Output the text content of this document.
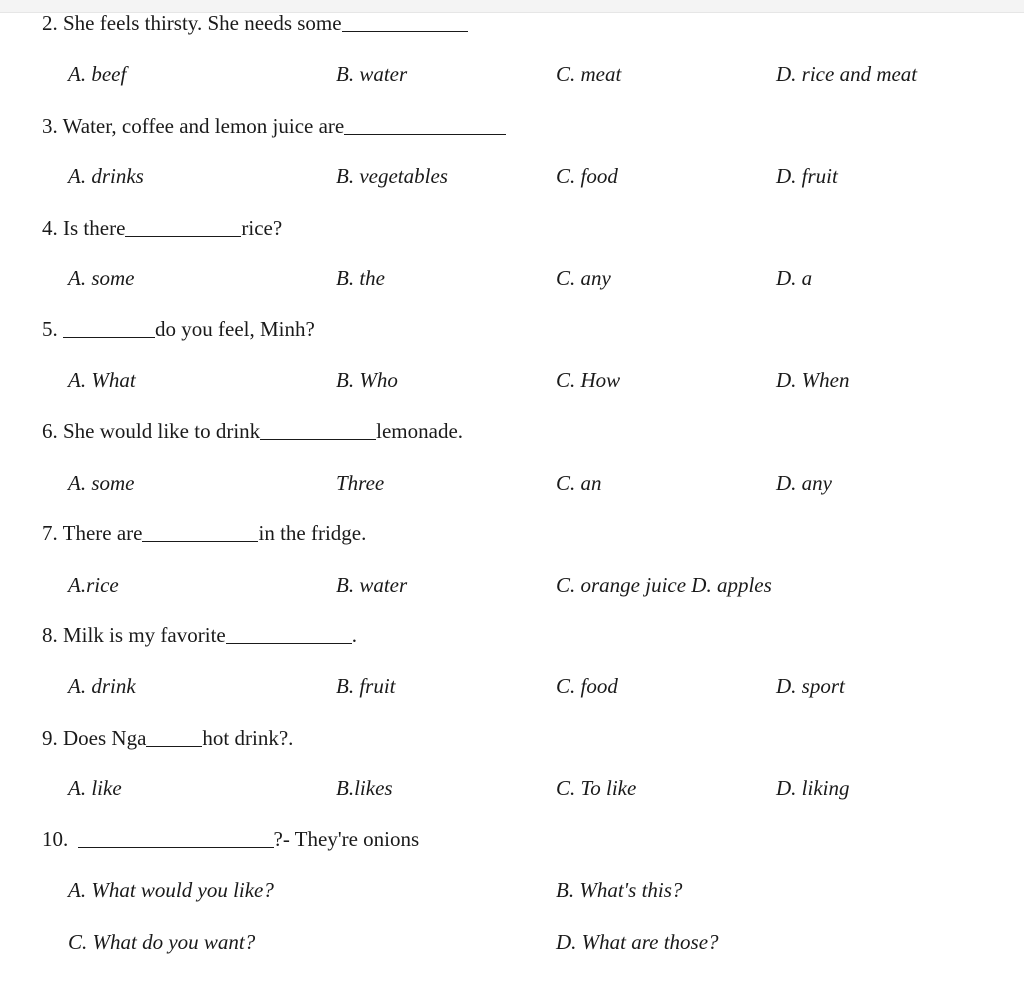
2. She feels thirsty. She needs some
A. beef	B. water	C. meat	D. rice and meat
3. Water, coffee and lemon juice are
A. drinks	B. vegetables	C. food	D. fruit
4. Is there	rice?
A. some	B. the	C. any	D. a
5.	do you feel, Minh?
A. What	B. Who	C. How	D. When
6. She would like to drink	lemonade.
A. some	Three	C. an	D. any
7. There are	in the fridge.
A.rice	B. water	C. orange juice D. apples
8. Milk is my favorite	.
A. drink	B. fruit	C. food	D. sport
9. Does Nga	hot drink?.
A. like	B.likes	C. To like	D. liking
10.	?- They're onions
A. What would you like?	B. What's this?
C. What do you want?	D. What are those?
